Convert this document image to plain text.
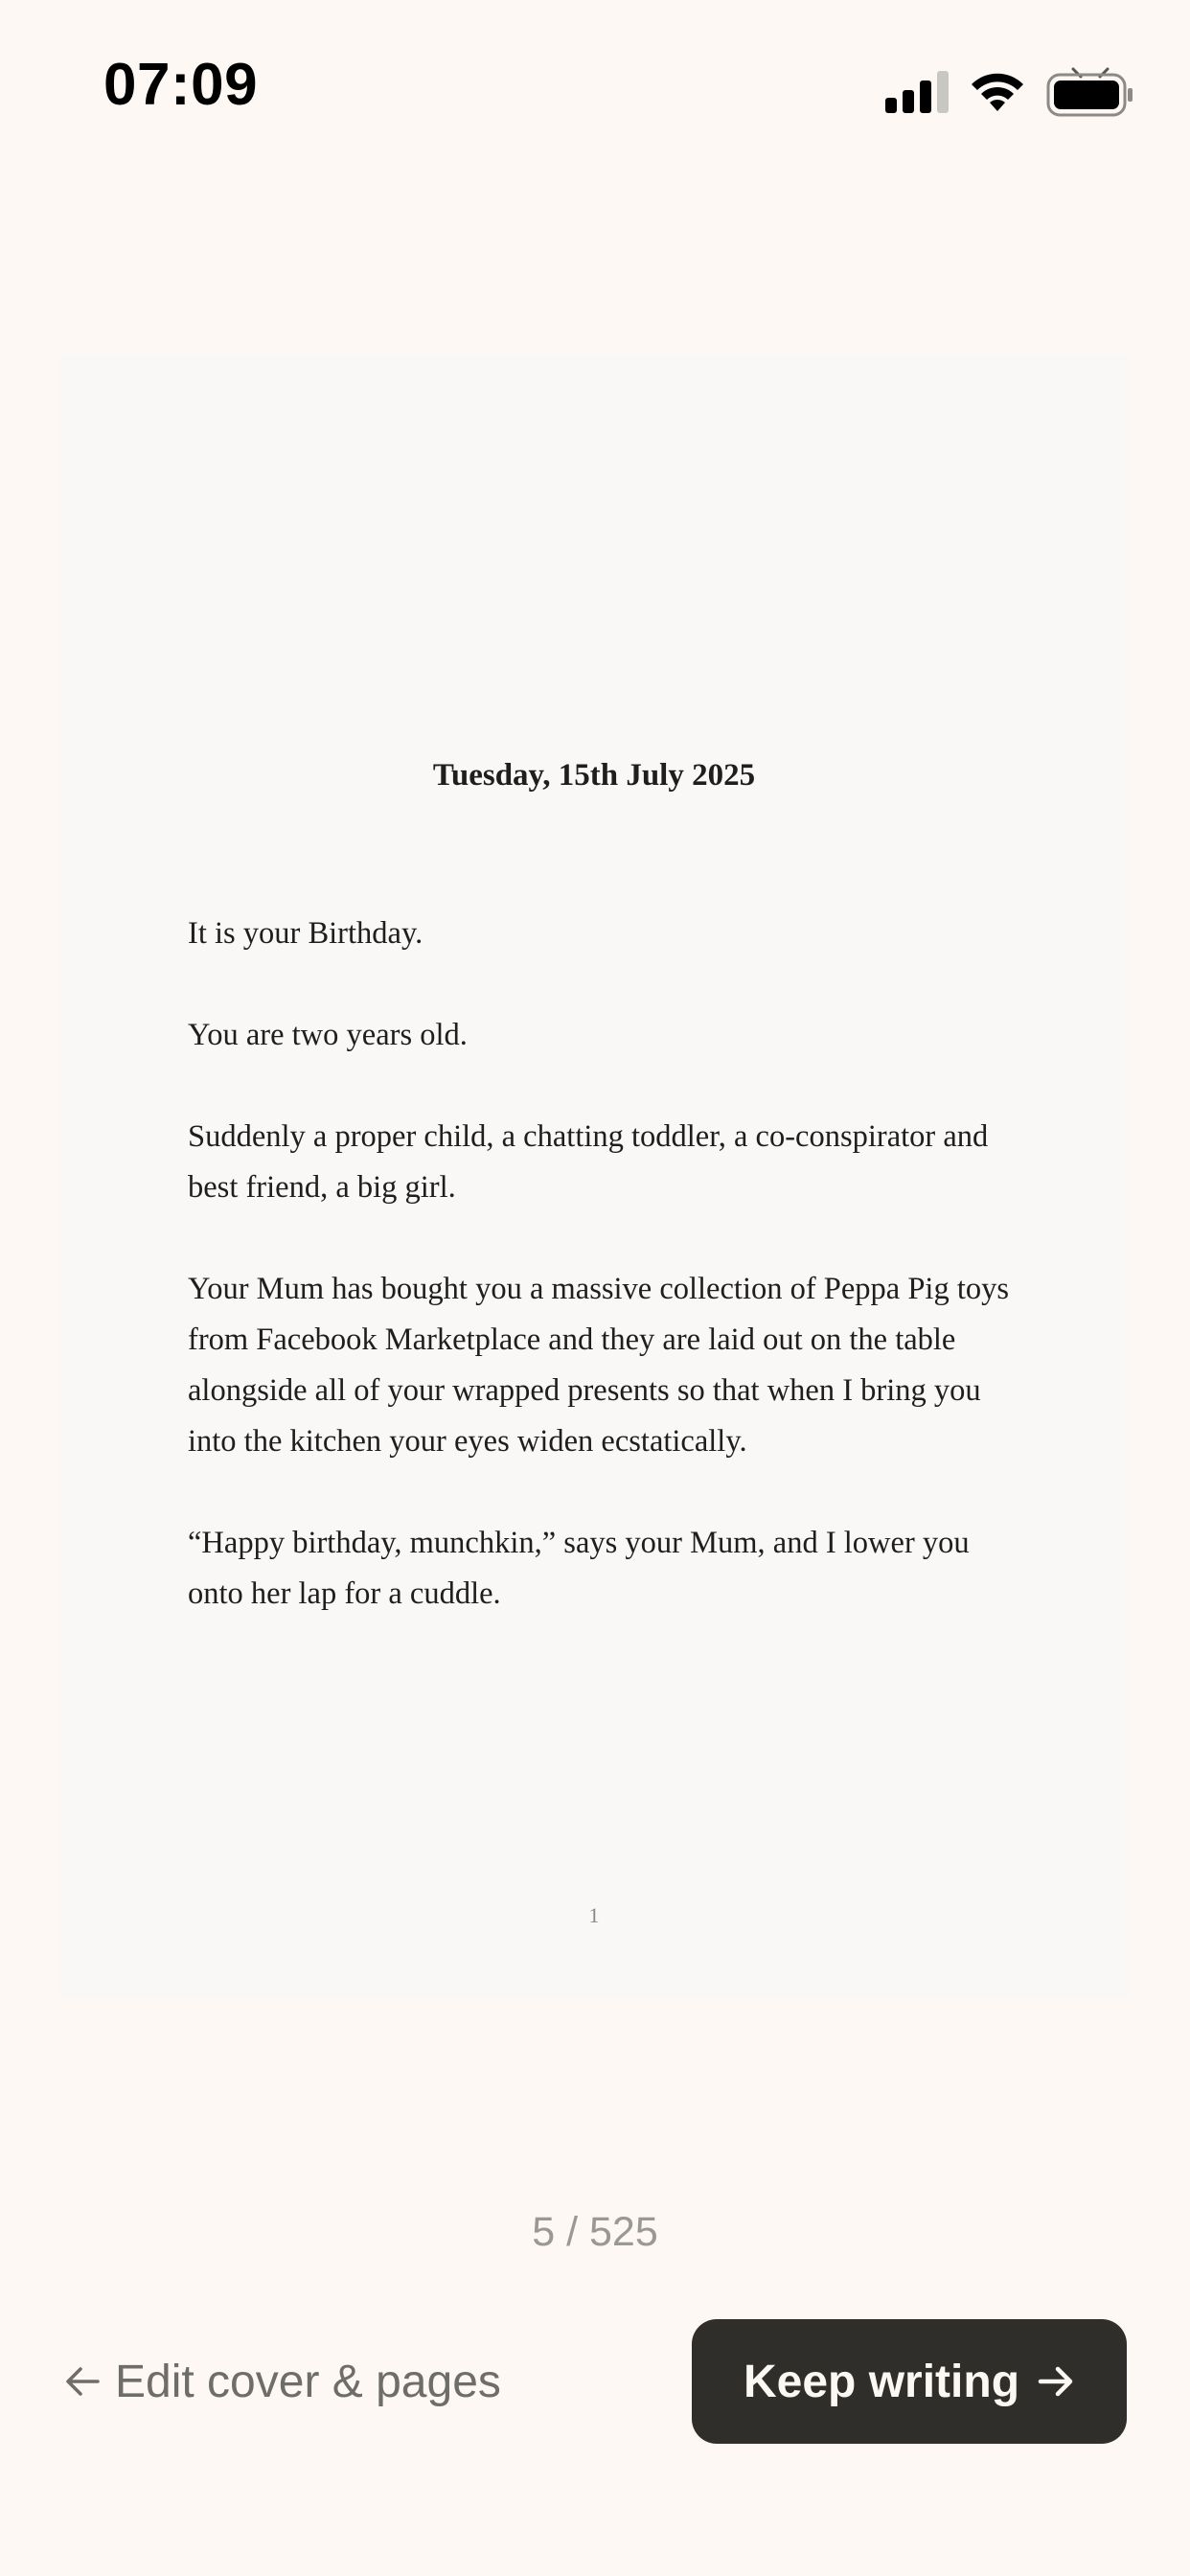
07:09
Tuesday, 15th July 2025

It is your Birthday.

You are two years old.

Suddenly a proper child, a chatting toddler, a co-conspirator and best friend, a big girl.

Your Mum has bought you a massive collection of Peppa Pig toys from Facebook Marketplace and they are laid out on the table alongside all of your wrapped presents so that when I bring you into the kitchen your eyes widen ecstatically.

“Happy birthday, munchkin,” says your Mum, and I lower you onto her lap for a cuddle.

1
5 / 525
Edit cover & pages	Keep writing
